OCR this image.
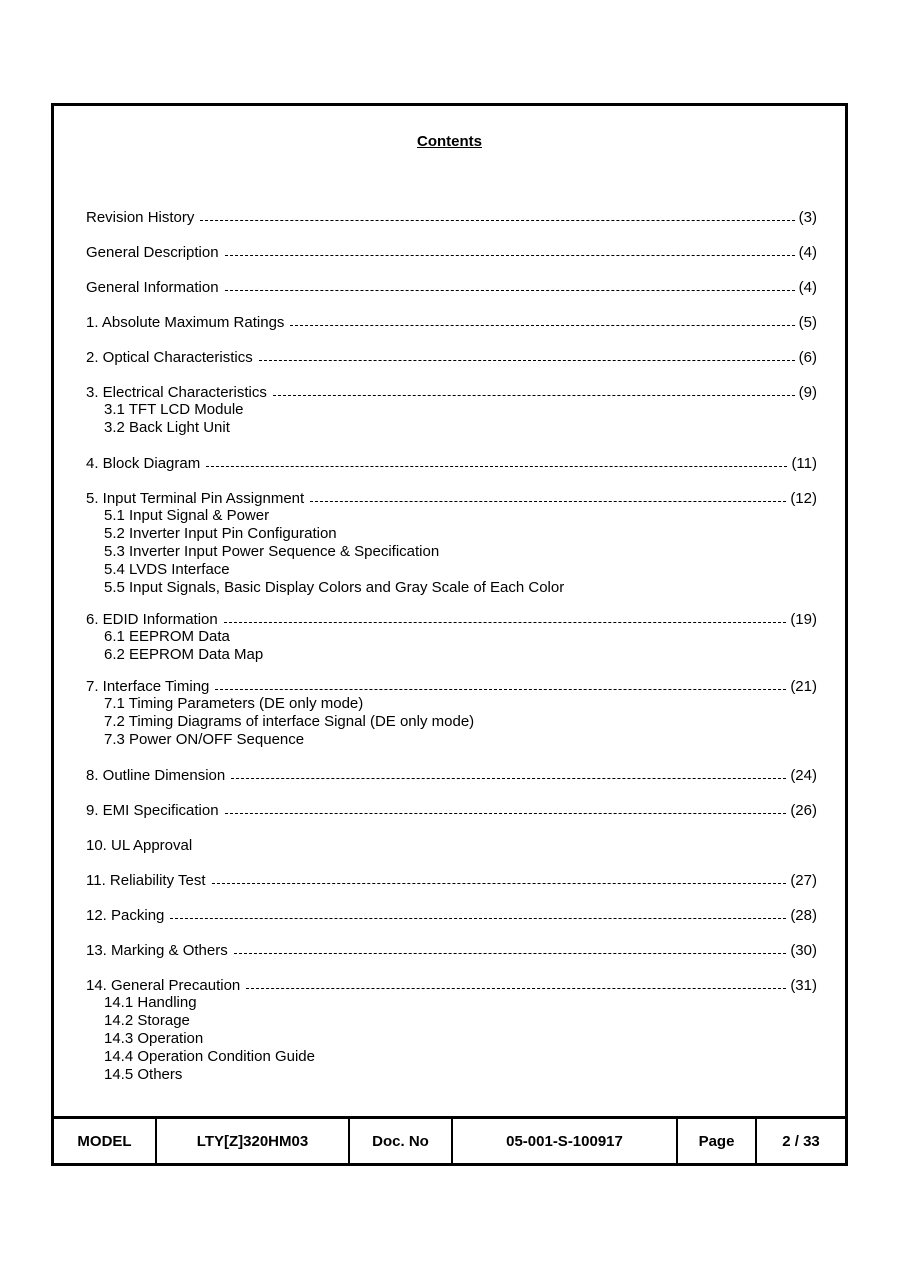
Contents
Revision History	(3)
General Description	(4)
General Information	(4)
1. Absolute Maximum Ratings	(5)
2. Optical Characteristics	(6)
3. Electrical Characteristics	(9)
3.1 TFT LCD Module
3.2 Back Light Unit
4. Block Diagram	(11)
5. Input Terminal Pin Assignment	(12)
5.1 Input Signal & Power
5.2 Inverter Input Pin Configuration
5.3 Inverter Input Power Sequence & Specification
5.4 LVDS Interface
5.5 Input Signals, Basic Display Colors and Gray Scale of Each Color
6. EDID Information	(19)
6.1 EEPROM Data
6.2 EEPROM Data Map
7. Interface Timing	(21)
7.1 Timing Parameters (DE only mode)
7.2 Timing Diagrams of interface Signal (DE only mode)
7.3 Power ON/OFF Sequence
8. Outline Dimension	(24)
9. EMI Specification	(26)
10. UL Approval
11. Reliability Test	(27)
12. Packing	(28)
13. Marking & Others	(30)
14. General Precaution	(31)
14.1 Handling
14.2 Storage
14.3 Operation
14.4 Operation Condition Guide
14.5 Others
MODEL	LTY[Z]320HM03	Doc. No	05-001-S-100917	Page	2 / 33
